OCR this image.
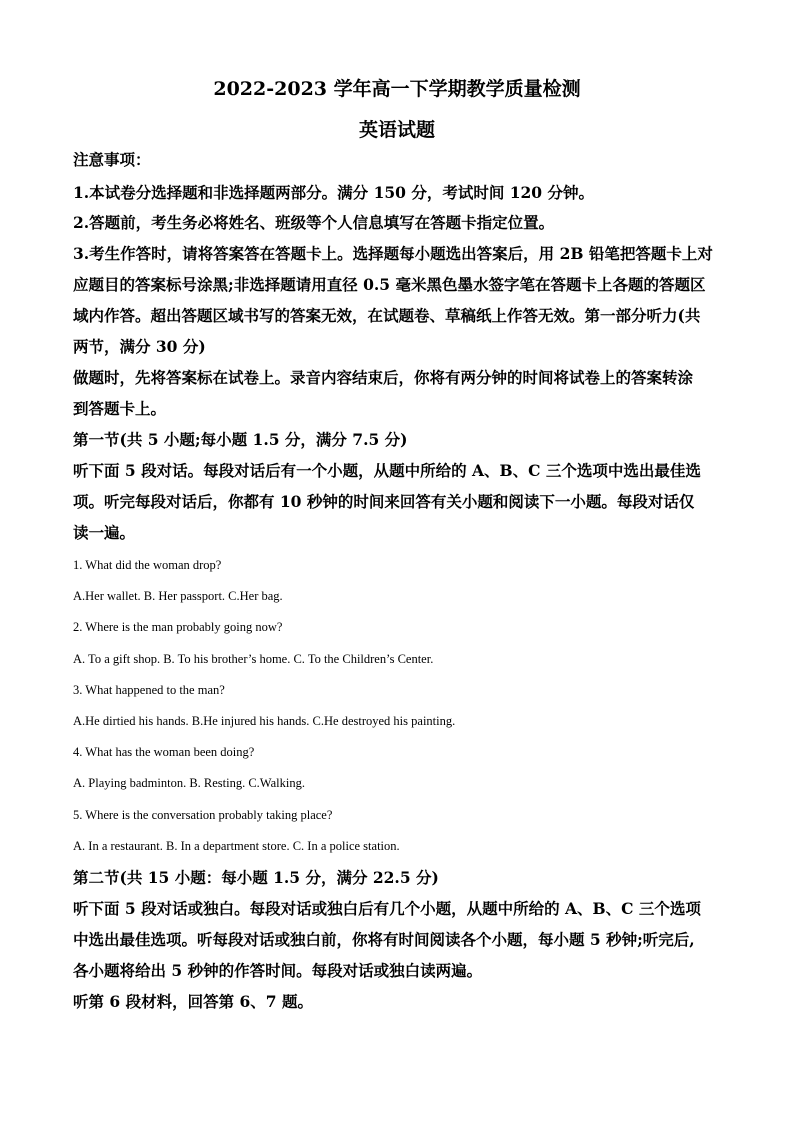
2022-2023 学年高一下学期教学质量检测
英语试题
注意事项：
1.本试卷分选择题和非选择题两部分。满分 150 分，考试时间 120 分钟。
2.答题前，考生务必将姓名、班级等个人信息填写在答题卡指定位置。
3.考生作答时，请将答案答在答题卡上。选择题每小题选出答案后，用 2B 铅笔把答题卡上对
应题目的答案标号涂黑;非选择题请用直径 0.5 毫米黑色墨水签字笔在答题卡上各题的答题区
域内作答。超出答题区域书写的答案无效，在试题卷、草稿纸上作答无效。第一部分听力(共
两节，满分 30 分)
做题时，先将答案标在试卷上。录音内容结束后，你将有两分钟的时间将试卷上的答案转涂
到答题卡上。
第一节(共 5 小题;每小题 1.5 分，满分 7.5 分)
听下面 5 段对话。每段对话后有一个小题，从题中所给的 A、B、C 三个选项中选出最佳选
项。听完每段对话后，你都有 10 秒钟的时间来回答有关小题和阅读下一小题。每段对话仅
读一遍。
1. What did the woman drop?
A.Her wallet. B. Her passport. C.Her bag.
2. Where is the man probably going now?
A. To a gift shop. B. To his brother’s home. C. To the Children’s Center.
3. What happened to the man?
A.He dirtied his hands. B.He injured his hands. C.He destroyed his painting.
4. What has the woman been doing?
A. Playing badminton. B. Resting. C.Walking.
5. Where is the conversation probably taking place?
A. In a restaurant. B. In a department store. C. In a police station.
第二节(共 15 小题：每小题 1.5 分，满分 22.5 分)
听下面 5 段对话或独白。每段对话或独白后有几个小题，从题中所给的 A、B、C 三个选项
中选出最佳选项。听每段对话或独白前，你将有时间阅读各个小题，每小题 5 秒钟;听完后,
各小题将给出 5 秒钟的作答时间。每段对话或独白读两遍。
听第 6 段材料，回答第 6、7 题。
